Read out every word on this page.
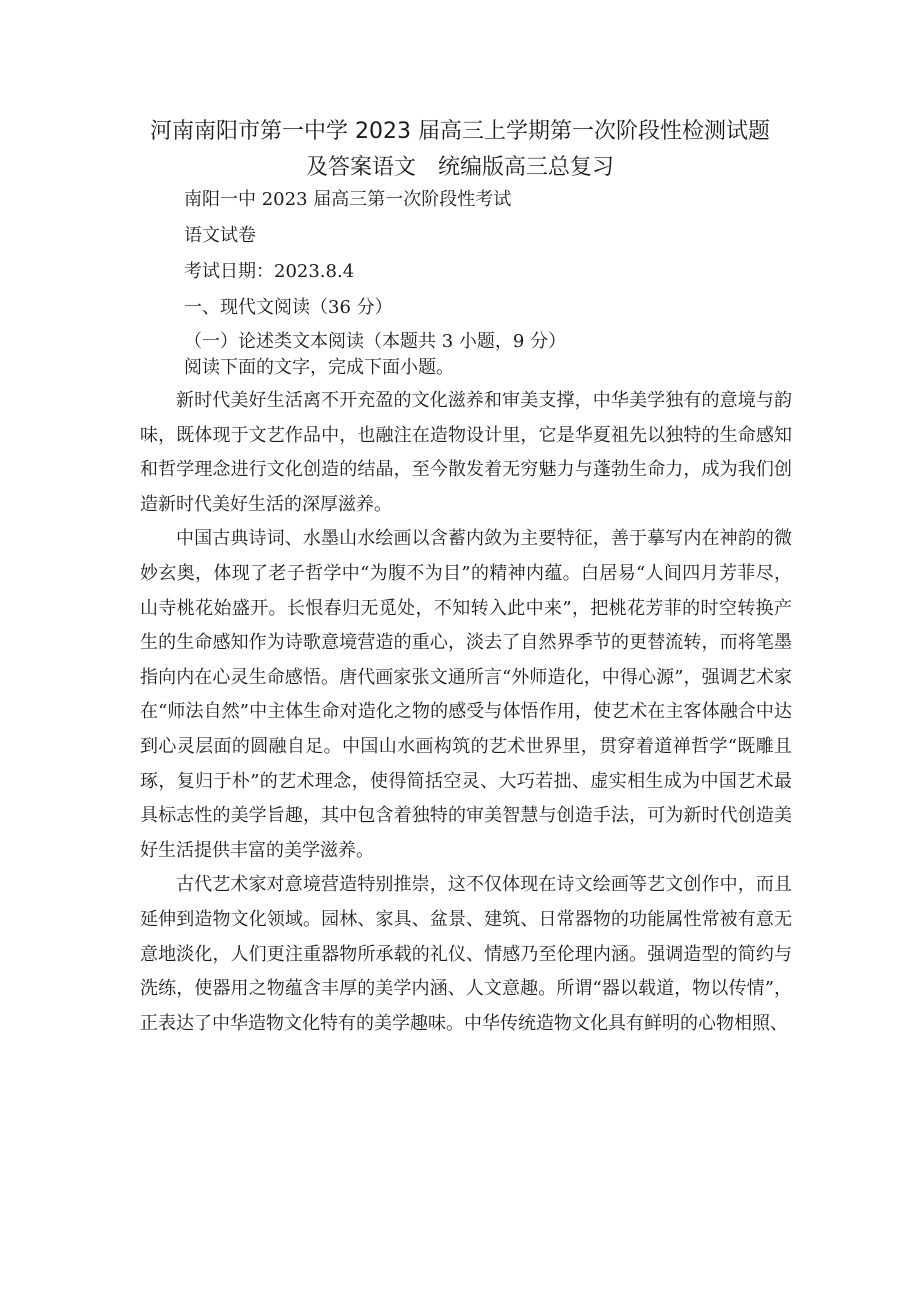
河南南阳市第一中学 2023 届高三上学期第一次阶段性检测试题
及答案语文　统编版高三总复习
南阳一中 2023 届高三第一次阶段性考试
语文试卷
考试日期：2023.8.4
一、现代文阅读（36 分）
（一）论述类文本阅读（本题共 3 小题，9 分）
阅读下面的文字，完成下面小题。

新时代美好生活离不开充盈的文化滋养和审美支撑，中华美学独有的意境与韵味，既体现于文艺作品中，也融注在造物设计里，它是华夏祖先以独特的生命感知和哲学理念进行文化创造的结晶，至今散发着无穷魅力与蓬勃生命力，成为我们创造新时代美好生活的深厚滋养。

中国古典诗词、水墨山水绘画以含蓄内敛为主要特征，善于摹写内在神韵的微妙玄奥，体现了老子哲学中“为腹不为目”的精神内蕴。白居易“人间四月芳菲尽，山寺桃花始盛开。长恨春归无觅处，不知转入此中来”，把桃花芳菲的时空转换产生的生命感知作为诗歌意境营造的重心，淡去了自然界季节的更替流转，而将笔墨指向内在心灵生命感悟。唐代画家张文通所言“外师造化，中得心源”，强调艺术家在“师法自然”中主体生命对造化之物的感受与体悟作用，使艺术在主客体融合中达到心灵层面的圆融自足。中国山水画构筑的艺术世界里，贯穿着道禅哲学“既雕且琢，复归于朴”的艺术理念，使得简括空灵、大巧若拙、虚实相生成为中国艺术最具标志性的美学旨趣，其中包含着独特的审美智慧与创造手法，可为新时代创造美好生活提供丰富的美学滋养。

古代艺术家对意境营造特别推崇，这不仅体现在诗文绘画等艺文创作中，而且延伸到造物文化领域。园林、家具、盆景、建筑、日常器物的功能属性常被有意无意地淡化，人们更注重器物所承载的礼仪、情感乃至伦理内涵。强调造型的简约与洗练，使器用之物蕴含丰厚的美学内涵、人文意趣。所谓“器以载道，物以传情”，正表达了中华造物文化特有的美学趣味。中华传统造物文化具有鲜明的心物相照、
